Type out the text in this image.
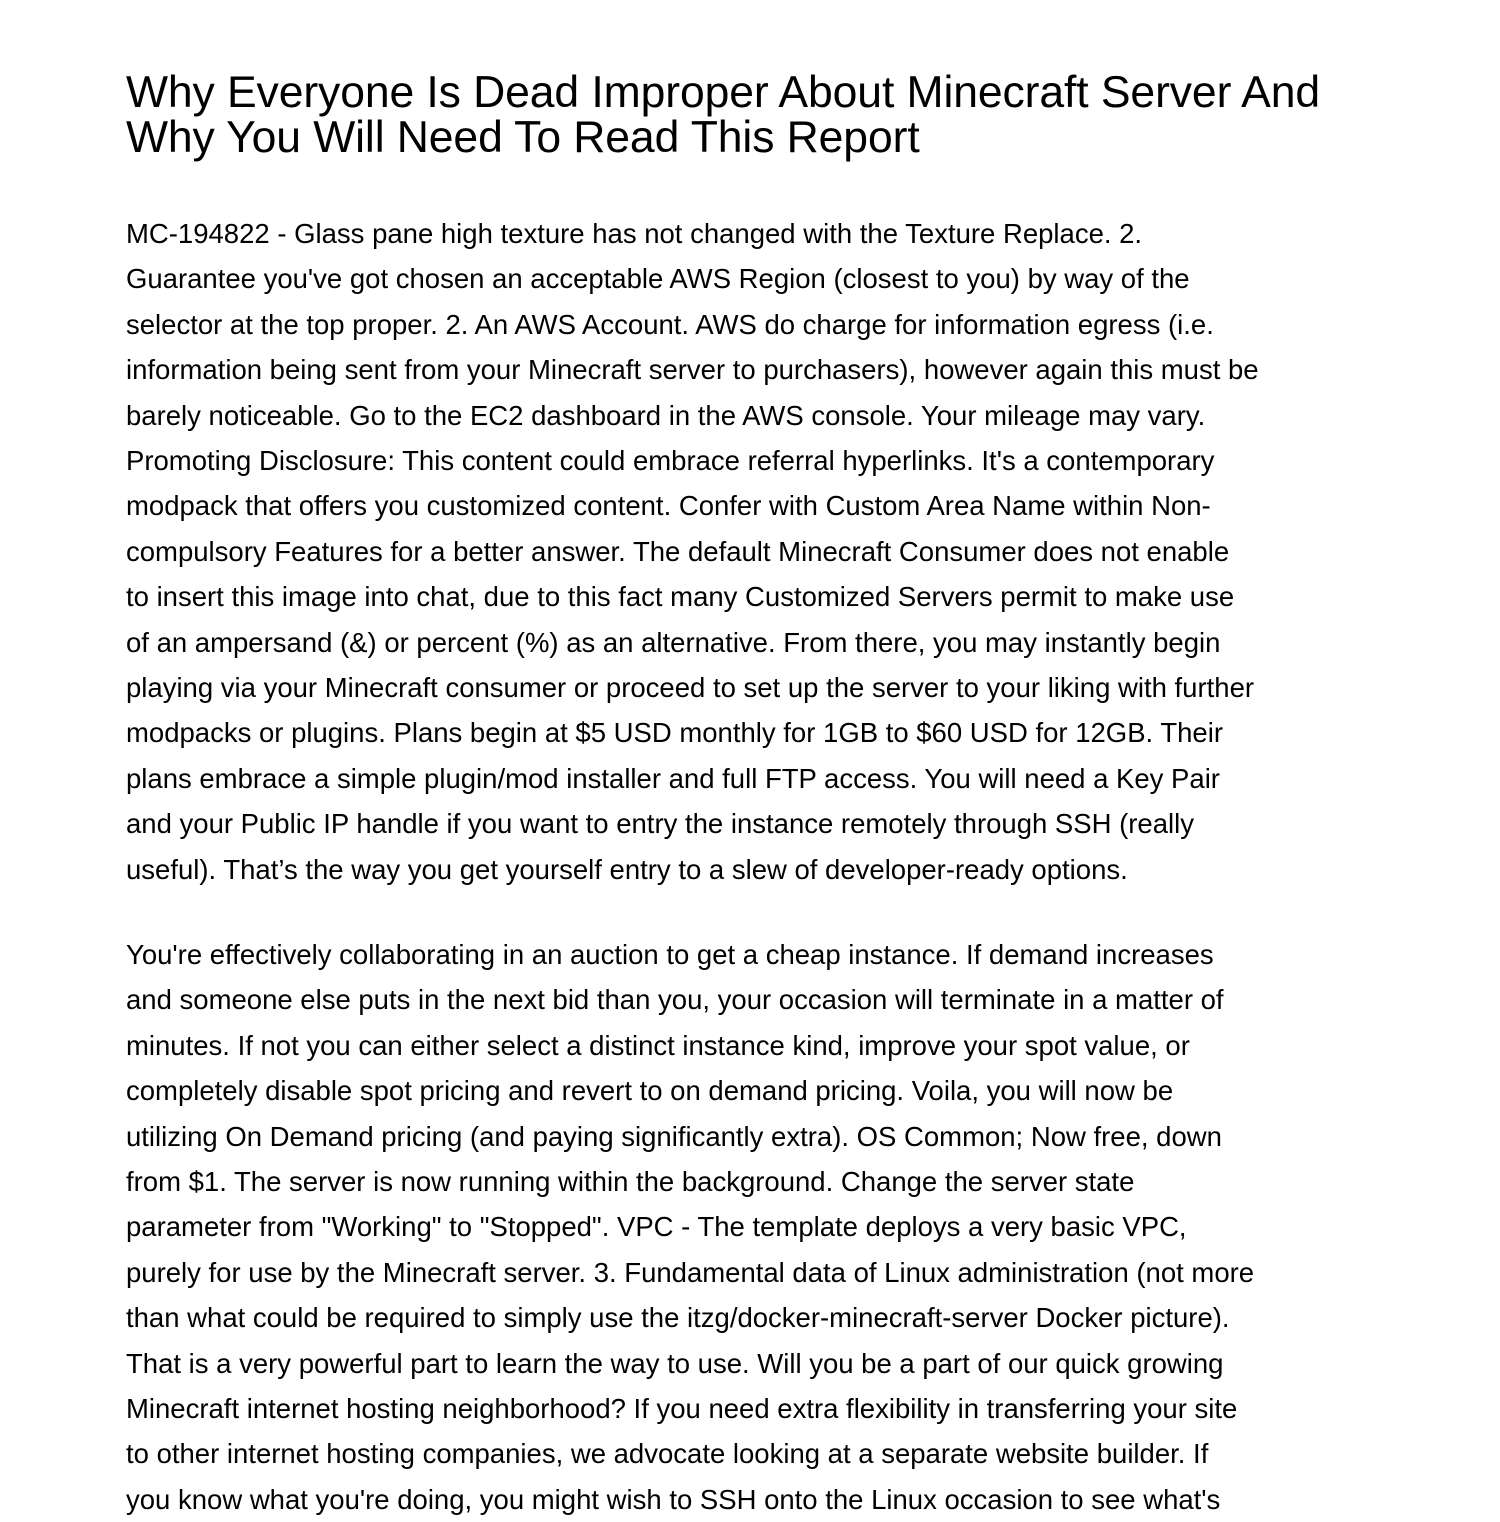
Why Everyone Is Dead Improper About Minecraft Server And
Why You Will Need To Read This Report

MC-194822 - Glass pane high texture has not changed with the Texture Replace. 2.
Guarantee you've got chosen an acceptable AWS Region (closest to you) by way of the
selector at the top proper. 2. An AWS Account. AWS do charge for information egress (i.e.
information being sent from your Minecraft server to purchasers), however again this must be
barely noticeable. Go to the EC2 dashboard in the AWS console. Your mileage may vary.
Promoting Disclosure: This content could embrace referral hyperlinks. It's a contemporary
modpack that offers you customized content. Confer with Custom Area Name within Non-
compulsory Features for a better answer. The default Minecraft Consumer does not enable
to insert this image into chat, due to this fact many Customized Servers permit to make use
of an ampersand (&) or percent (%) as an alternative. From there, you may instantly begin
playing via your Minecraft consumer or proceed to set up the server to your liking with further
modpacks or plugins. Plans begin at $5 USD monthly for 1GB to $60 USD for 12GB. Their
plans embrace a simple plugin/mod installer and full FTP access. You will need a Key Pair
and your Public IP handle if you want to entry the instance remotely through SSH (really
useful). That’s the way you get yourself entry to a slew of developer-ready options.

You're effectively collaborating in an auction to get a cheap instance. If demand increases
and someone else puts in the next bid than you, your occasion will terminate in a matter of
minutes. If not you can either select a distinct instance kind, improve your spot value, or
completely disable spot pricing and revert to on demand pricing. Voila, you will now be
utilizing On Demand pricing (and paying significantly extra). OS Common; Now free, down
from $1. The server is now running within the background. Change the server state
parameter from "Working" to "Stopped". VPC - The template deploys a very basic VPC,
purely for use by the Minecraft server. 3. Fundamental data of Linux administration (not more
than what could be required to simply use the itzg/docker-minecraft-server Docker picture).
That is a very powerful part to learn the way to use. Will you be a part of our quick growing
Minecraft internet hosting neighborhood? If you need extra flexibility in transferring your site
to other internet hosting companies, we advocate looking at a separate website builder. If
you know what you're doing, you might wish to SSH onto the Linux occasion to see what's
